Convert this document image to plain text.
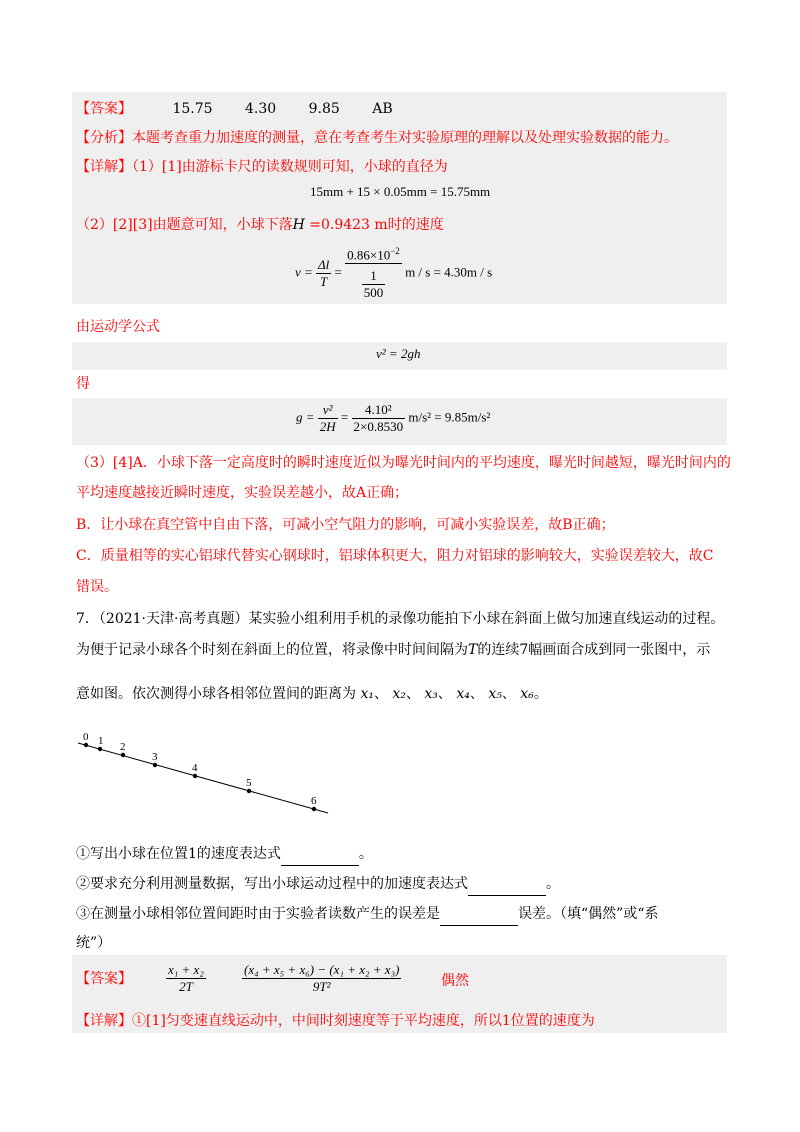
【答案】	15.75 4.30 9.85 AB
【分析】本题考查重力加速度的测量，意在考查考生对实验原理的理解以及处理实验数据的能力。
【详解】（1）[1]由游标卡尺的读数规则可知，小球的直径为
15mm + 15 × 0.05mm = 15.75mm
（2）[2][3]由题意可知，小球下落H =0.9423 m时的速度
$v = \frac{\Delta l}{T} = \frac{0.86\times 10^{-2}}{\frac{1}{500}}$ m / s = 4.30m / s
由运动学公式
v² = 2gh
得
$g = \frac{\text{v²}}{2H} = \frac{\text{4.10²}}{2\times 0.8530} m/s^2 = 9.85m/s^2$
（3）[4]A．小球下落一定高度时的瞬时速度近似为曝光时间内的平均速度，曝光时间越短，曝光时间内的
平均速度越接近瞬时速度，实验误差越小，故A正确；
B．让小球在真空管中自由下落，可减小空气阻力的影响，可减小实验误差，故B正确；
C．质量相等的实心铝球代替实心钢球时，铝球体积更大，阻力对铝球的影响较大，实验误差较大，故C
错误。
7．（2021·天津·高考真题）某实验小组利用手机的录像功能拍下小球在斜面上做匀加速直线运动的过程。
为便于记录小球各个时刻在斜面上的位置，将录像中时间间隔为T的连续7幅画面合成到同一张图中，示
意如图。依次测得小球各相邻位置间的距离为 x₁、 x₂、 x₃、 x₄、 x₅、 x₆。
0 1 2
3
4
5
6
①写出小球在位置1的速度表达式	。
②要求充分利用测量数据，写出小球运动过程中的加速度表达式	。
③在测量小球相邻位置间距时由于实验者读数产生的误差是	误差。（填“偶然”或“系
统”）
【答案】	$\frac{\text{x₁ + x₂}}{2T}$	$\frac{\text{(x₄ + x₅ + x₆) − (x₁ + x₂ + x₃)}}{\text{9T²}}$	偶然
【详解】①[1]匀变速直线运动中，中间时刻速度等于平均速度，所以1位置的速度为
